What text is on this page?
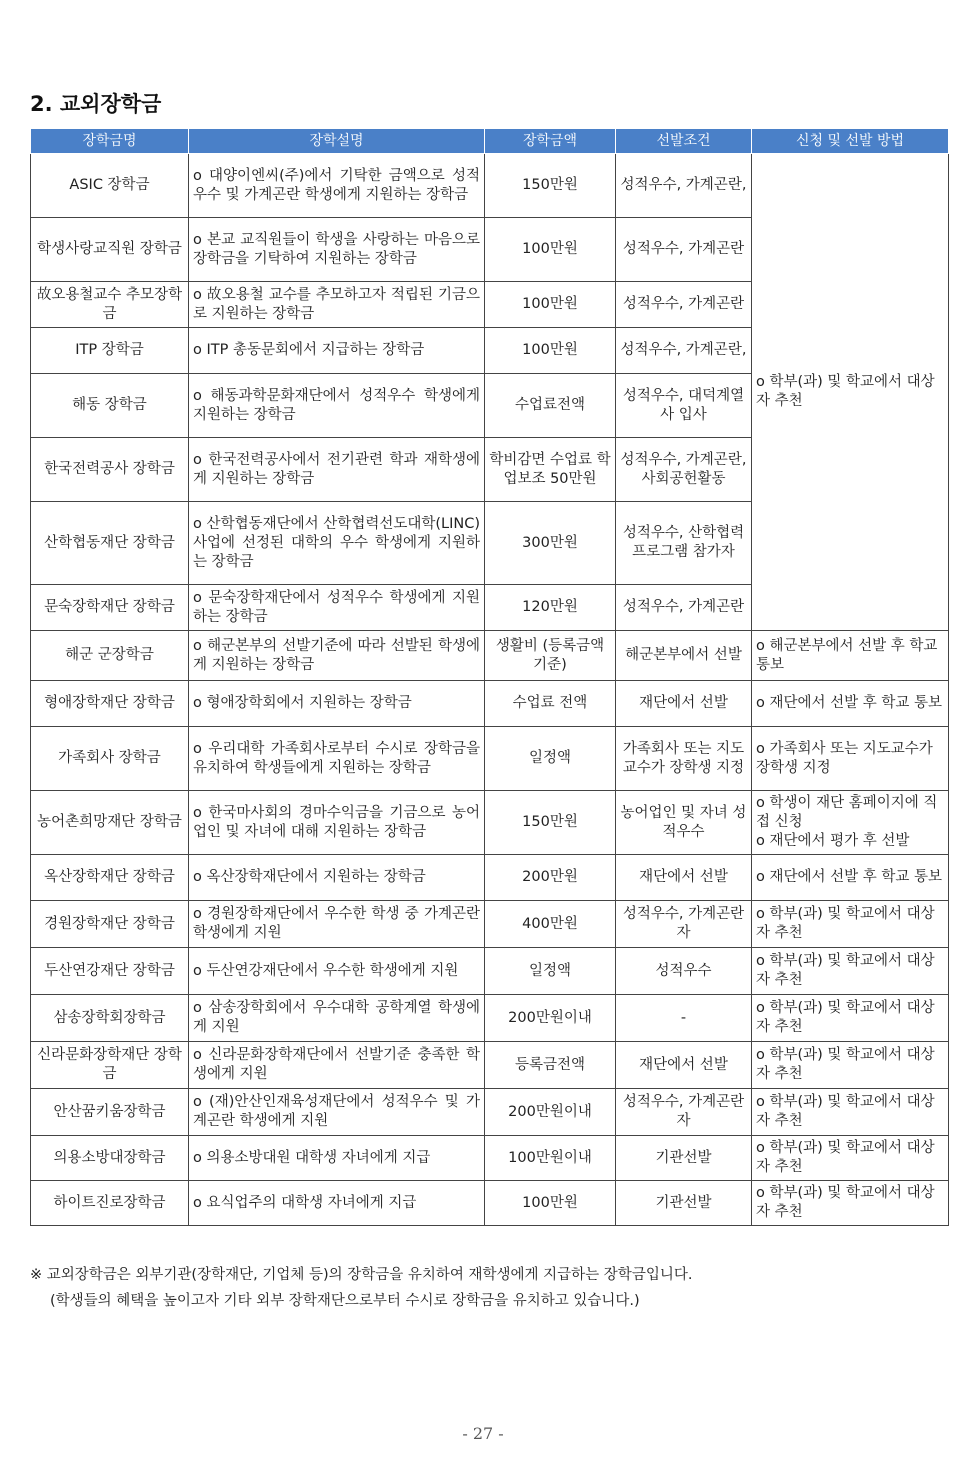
2. 교외장학금
장학금명	장학설명	장학금액	선발조건	신청 및 선발 방법
ASIC 장학금	o 대양이엔씨(주)에서 기탁한 금액으로 성적우수 및 가계곤란 학생에게 지원하는 장학금	150만원	성적우수, 가계곤란,	o 학부(과) 및 학교에서 대상자 추천
학생사랑교직원 장학금	o 본교 교직원들이 학생을 사랑하는 마음으로 장학금을 기탁하여 지원하는 장학금	100만원	성적우수, 가계곤란	
故오용철교수 추모장학금	o 故오용철 교수를 추모하고자 적립된 기금으로 지원하는 장학금	100만원	성적우수, 가계곤란	
ITP 장학금	o ITP 총동문회에서 지급하는 장학금	100만원	성적우수, 가계곤란,	
해동 장학금	o 해동과학문화재단에서 성적우수 학생에게 지원하는 장학금	수업료전액	성적우수, 대덕계열사 입사	
한국전력공사 장학금	o 한국전력공사에서 전기관련 학과 재학생에게 지원하는 장학금	학비감면 수업료 학업보조 50만원	성적우수, 가계곤란, 사회공헌활동	
산학협동재단 장학금	o 산학협동재단에서 산학협력선도대학(LINC) 사업에 선정된 대학의 우수 학생에게 지원하는 장학금	300만원	성적우수, 산학협력 프로그램 참가자	
문숙장학재단 장학금	o 문숙장학재단에서 성적우수 학생에게 지원하는 장학금	120만원	성적우수, 가계곤란	
해군 군장학금	o 해군본부의 선발기준에 따라 선발된 학생에게 지원하는 장학금	생활비 (등록금액 기준)	해군본부에서 선발	o 해군본부에서 선발 후 학교 통보
형애장학재단 장학금	o 형애장학회에서 지원하는 장학금	수업료 전액	재단에서 선발	o 재단에서 선발 후 학교 통보
가족회사 장학금	o 우리대학 가족회사로부터 수시로 장학금을 유치하여 학생들에게 지원하는 장학금	일정액	가족회사 또는 지도교수가 장학생 지정	o 가족회사 또는 지도교수가 장학생 지정
농어촌희망재단 장학금	o 한국마사회의 경마수익금을 기금으로 농어업인 및 자녀에 대해 지원하는 장학금	150만원	농어업인 및 자녀 성적우수	o 학생이 재단 홈페이지에 직접 신청
o 재단에서 평가 후 선발

옥산장학재단 장학금	o 옥산장학재단에서 지원하는 장학금	200만원	재단에서 선발	o 재단에서 선발 후 학교 통보
경원장학재단 장학금	o 경원장학재단에서 우수한 학생 중 가계곤란 학생에게 지원	400만원	성적우수, 가계곤란자	o 학부(과) 및 학교에서 대상자 추천
두산연강재단 장학금	o 두산연강재단에서 우수한 학생에게 지원	일정액	성적우수	o 학부(과) 및 학교에서 대상자 추천
삼송장학회장학금	o 삼송장학회에서 우수대학 공학계열 학생에게 지원	200만원이내	-	o 학부(과) 및 학교에서 대상자 추천
신라문화장학재단 장학금	o 신라문화장학재단에서 선발기준 충족한 학생에게 지원	등록금전액	재단에서 선발	o 학부(과) 및 학교에서 대상자 추천
안산꿈키움장학금	o (재)안산인재육성재단에서 성적우수 및 가계곤란 학생에게 지원	200만원이내	성적우수, 가계곤란자	o 학부(과) 및 학교에서 대상자 추천
의용소방대장학금	o 의용소방대원 대학생 자녀에게 지급	100만원이내	기관선발	o 학부(과) 및 학교에서 대상자 추천
하이트진로장학금	o 요식업주의 대학생 자녀에게 지급	100만원	기관선발	o 학부(과) 및 학교에서 대상자 추천
※ 교외장학금은 외부기관(장학재단, 기업체 등)의 장학금을 유치하여 재학생에게 지급하는 장학금입니다.
(학생들의 혜택을 높이고자 기타 외부 장학재단으로부터 수시로 장학금을 유치하고 있습니다.)
- 27 -
